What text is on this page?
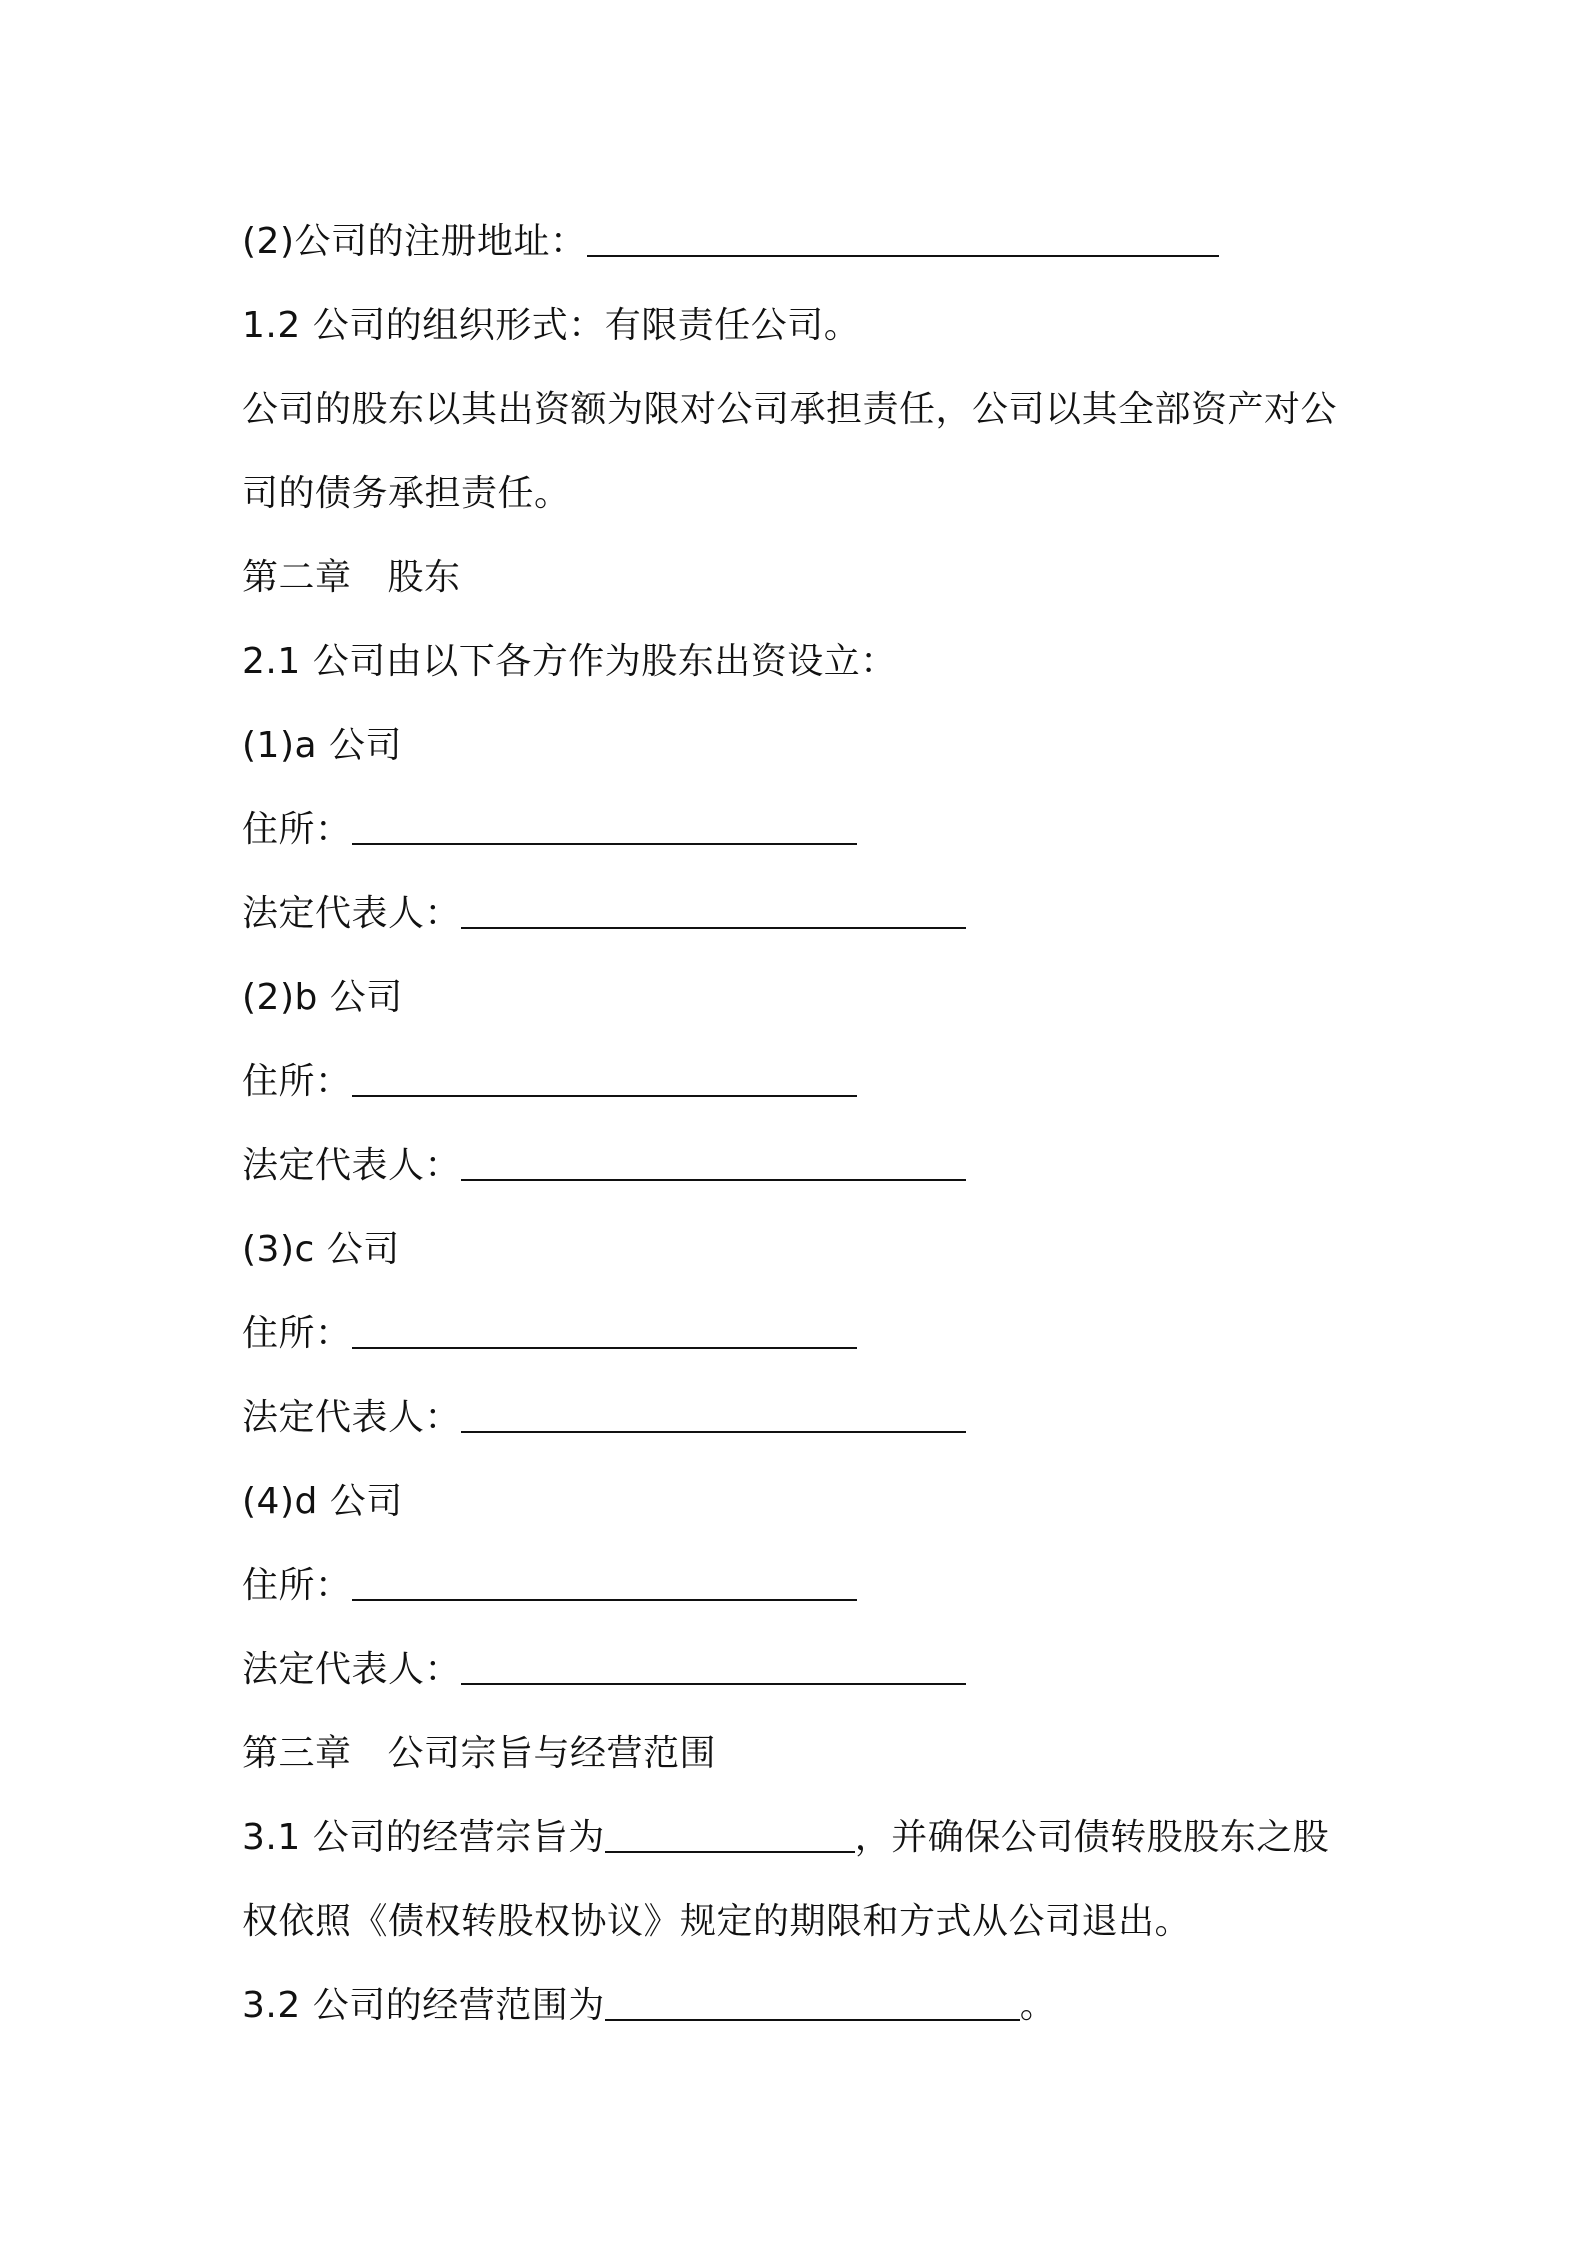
(2)公司的注册地址：
1.2 公司的组织形式：有限责任公司。
公司的股东以其出资额为限对公司承担责任，公司以其全部资产对公
司的债务承担责任。
第二章 股东
2.1 公司由以下各方作为股东出资设立：
(1)a 公司
住所：
法定代表人：
(2)b 公司
住所：
法定代表人：
(3)c 公司
住所：
法定代表人：
(4)d 公司
住所：
法定代表人：
第三章 公司宗旨与经营范围
3.1 公司的经营宗旨为	，并确保公司债转股股东之股
权依照《债权转股权协议》规定的期限和方式从公司退出。
3.2 公司的经营范围为	。
